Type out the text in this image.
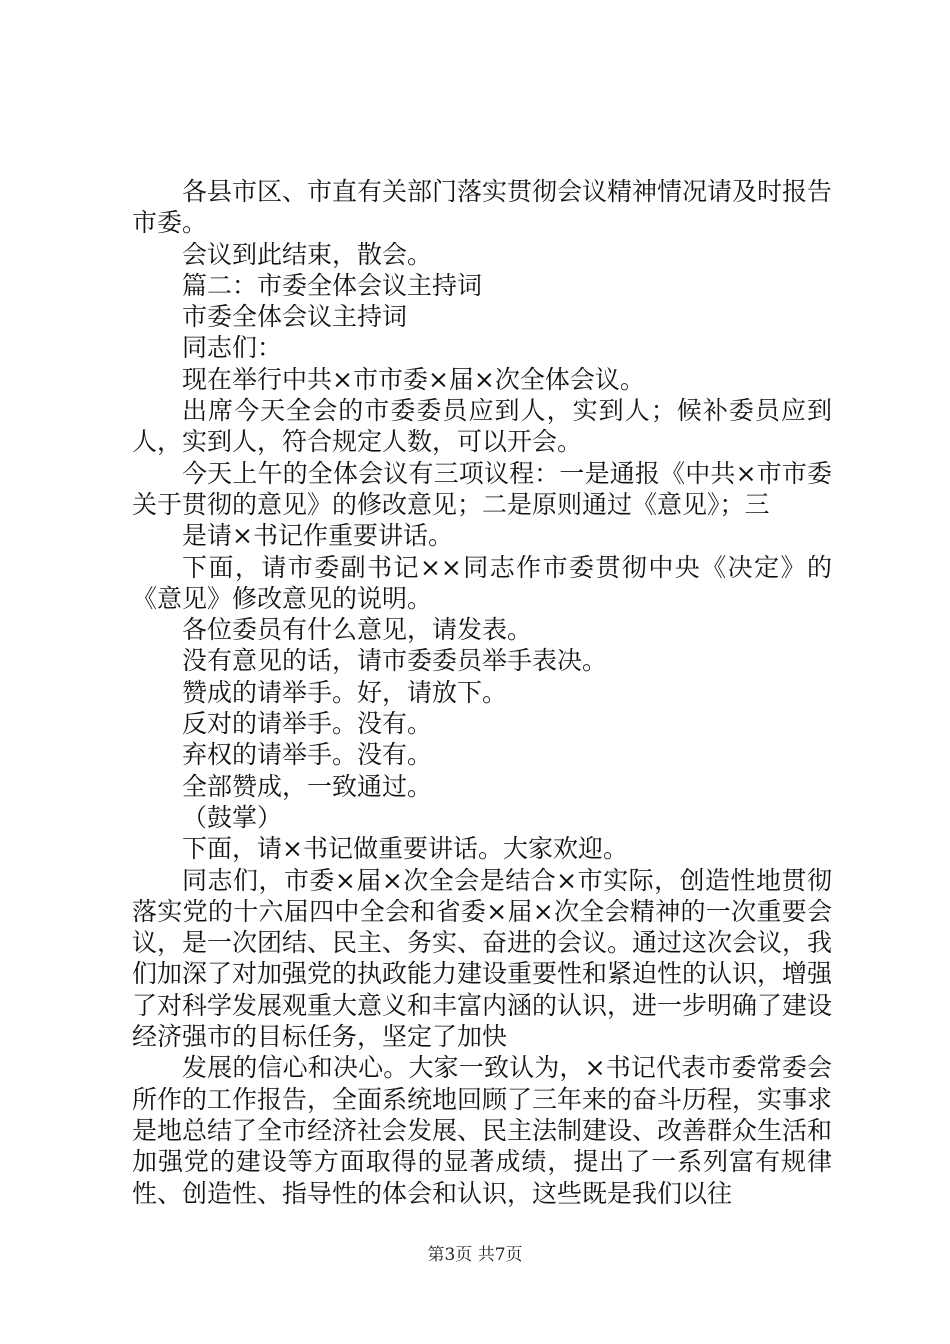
各县市区、市直有关部门落实贯彻会议精神情况请及时报告市委。

会议到此结束，散会。

篇二：市委全体会议主持词

市委全体会议主持词

同志们：

现在举行中共×市市委×届×次全体会议。

出席今天全会的市委委员应到人，实到人；候补委员应到人，实到人，符合规定人数，可以开会。

今天上午的全体会议有三项议程：一是通报《中共×市市委关于贯彻的意见》的修改意见；二是原则通过《意见》；三

是请×书记作重要讲话。

下面，请市委副书记××同志作市委贯彻中央《决定》的《意见》修改意见的说明。

各位委员有什么意见，请发表。

没有意见的话，请市委委员举手表决。

赞成的请举手。好，请放下。

反对的请举手。没有。

弃权的请举手。没有。

全部赞成，一致通过。

（鼓掌）

下面，请×书记做重要讲话。大家欢迎。

同志们，市委×届×次全会是结合×市实际，创造性地贯彻落实党的十六届四中全会和省委×届×次全会精神的一次重要会议，是一次团结、民主、务实、奋进的会议。通过这次会议，我们加深了对加强党的执政能力建设重要性和紧迫性的认识，增强了对科学发展观重大意义和丰富内涵的认识，进一步明确了建设经济强市的目标任务，坚定了加快

发展的信心和决心。大家一致认为，×书记代表市委常委会所作的工作报告，全面系统地回顾了三年来的奋斗历程，实事求是地总结了全市经济社会发展、民主法制建设、改善群众生活和加强党的建设等方面取得的显著成绩，提出了一系列富有规律性、创造性、指导性的体会和认识，这些既是我们以往

第3页 共7页
